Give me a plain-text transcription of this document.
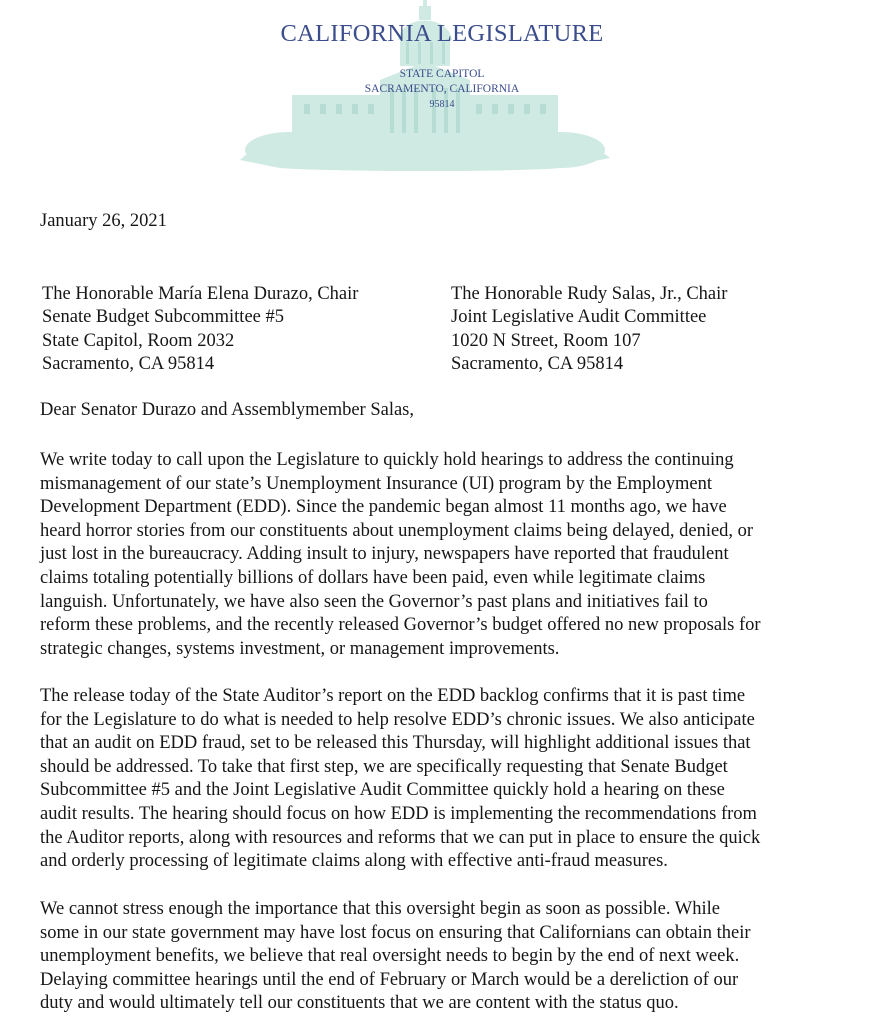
CALIFORNIA LEGISLATURE
STATE CAPITOL
SACRAMENTO, CALIFORNIA
95814
January 26, 2021
The Honorable María Elena Durazo, Chair
Senate Budget Subcommittee #5
State Capitol, Room 2032
Sacramento, CA 95814
The Honorable Rudy Salas, Jr., Chair
Joint Legislative Audit Committee
1020 N Street, Room 107
Sacramento, CA 95814
Dear Senator Durazo and Assemblymember Salas,
We write today to call upon the Legislature to quickly hold hearings to address the continuing
mismanagement of our state’s Unemployment Insurance (UI) program by the Employment
Development Department (EDD). Since the pandemic began almost 11 months ago, we have
heard horror stories from our constituents about unemployment claims being delayed, denied, or
just lost in the bureaucracy. Adding insult to injury, newspapers have reported that fraudulent
claims totaling potentially billions of dollars have been paid, even while legitimate claims
languish. Unfortunately, we have also seen the Governor’s past plans and initiatives fail to
reform these problems, and the recently released Governor’s budget offered no new proposals for
strategic changes, systems investment, or management improvements.
The release today of the State Auditor’s report on the EDD backlog confirms that it is past time
for the Legislature to do what is needed to help resolve EDD’s chronic issues. We also anticipate
that an audit on EDD fraud, set to be released this Thursday, will highlight additional issues that
should be addressed. To take that first step, we are specifically requesting that Senate Budget
Subcommittee #5 and the Joint Legislative Audit Committee quickly hold a hearing on these
audit results. The hearing should focus on how EDD is implementing the recommendations from
the Auditor reports, along with resources and reforms that we can put in place to ensure the quick
and orderly processing of legitimate claims along with effective anti-fraud measures.
We cannot stress enough the importance that this oversight begin as soon as possible. While
some in our state government may have lost focus on ensuring that Californians can obtain their
unemployment benefits, we believe that real oversight needs to begin by the end of next week.
Delaying committee hearings until the end of February or March would be a dereliction of our
duty and would ultimately tell our constituents that we are content with the status quo.
